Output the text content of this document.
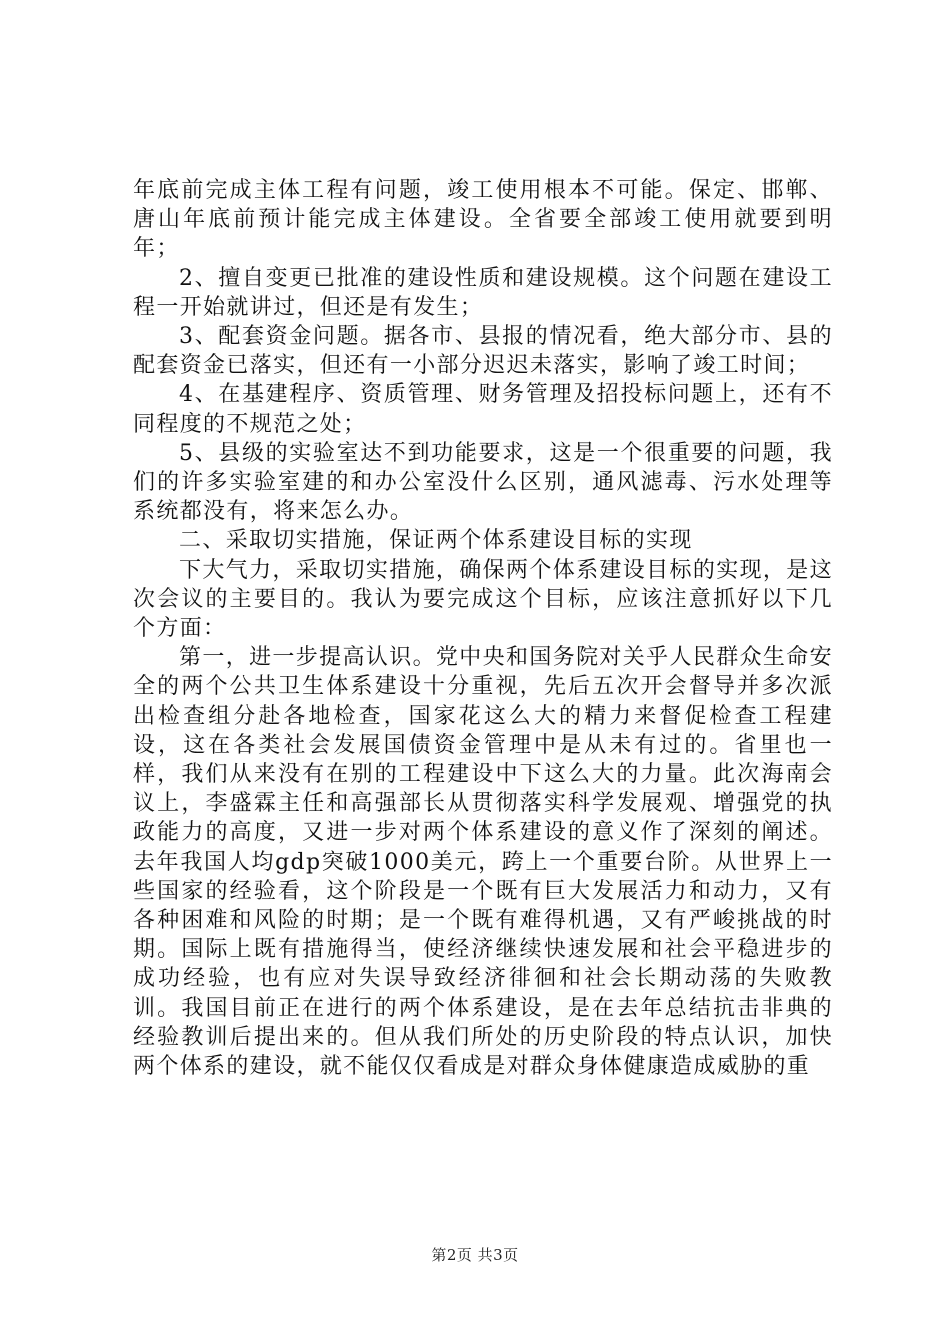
年底前完成主体工程有问题，竣工使用根本不可能。保定、邯郸、唐山年底前预计能完成主体建设。全省要全部竣工使用就要到明年；

2、擅自变更已批准的建设性质和建设规模。这个问题在建设工程一开始就讲过，但还是有发生；

3、配套资金问题。据各市、县报的情况看，绝大部分市、县的配套资金已落实，但还有一小部分迟迟未落实，影响了竣工时间；

4、在基建程序、资质管理、财务管理及招投标问题上，还有不同程度的不规范之处；

5、县级的实验室达不到功能要求，这是一个很重要的问题，我们的许多实验室建的和办公室没什么区别，通风滤毒、污水处理等系统都没有，将来怎么办。

二、采取切实措施，保证两个体系建设目标的实现

下大气力，采取切实措施，确保两个体系建设目标的实现，是这次会议的主要目的。我认为要完成这个目标，应该注意抓好以下几个方面：

第一，进一步提高认识。党中央和国务院对关乎人民群众生命安全的两个公共卫生体系建设十分重视，先后五次开会督导并多次派出检查组分赴各地检查，国家花这么大的精力来督促检查工程建设，这在各类社会发展国债资金管理中是从未有过的。省里也一样，我们从来没有在别的工程建设中下这么大的力量。此次海南会议上，李盛霖主任和高强部长从贯彻落实科学发展观、增强党的执政能力的高度，又进一步对两个体系建设的意义作了深刻的阐述。去年我国人均gdp突破1000美元，跨上一个重要台阶。从世界上一些国家的经验看，这个阶段是一个既有巨大发展活力和动力，又有各种困难和风险的时期；是一个既有难得机遇，又有严峻挑战的时期。国际上既有措施得当，使经济继续快速发展和社会平稳进步的成功经验，也有应对失误导致经济徘徊和社会长期动荡的失败教训。我国目前正在进行的两个体系建设，是在去年总结抗击非典的经验教训后提出来的。但从我们所处的历史阶段的特点认识，加快两个体系的建设，就不能仅仅看成是对群众身体健康造成威胁的重

第2页 共3页
